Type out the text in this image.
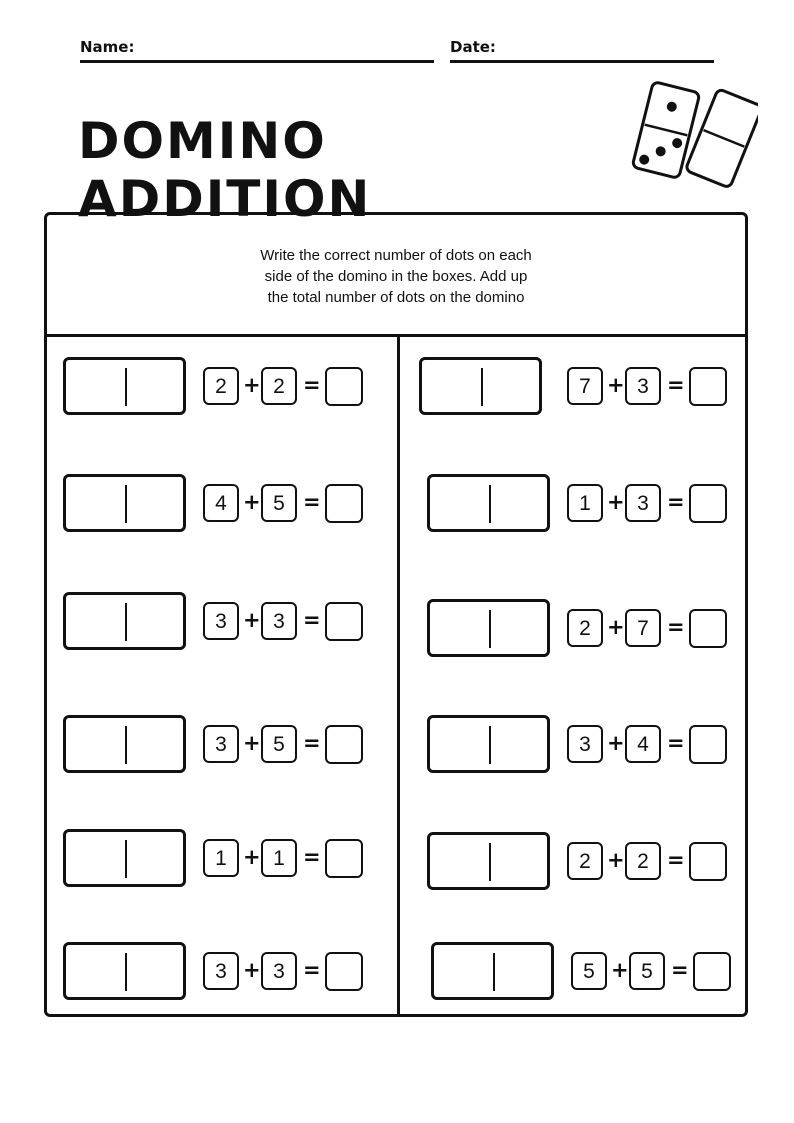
Name:	Date:
DOMINO ADDITION
Write the correct number of dots on each
side of the domino in the boxes. Add up
the total number of dots on the domino
2 + 2 =
4 + 5 =
3 + 3 =
3 + 5 =
1 + 1 =
3 + 3 =
7 + 3 =
1 + 3 =
2 + 7 =
3 + 4 =
2 + 2 =
5 + 5 =
